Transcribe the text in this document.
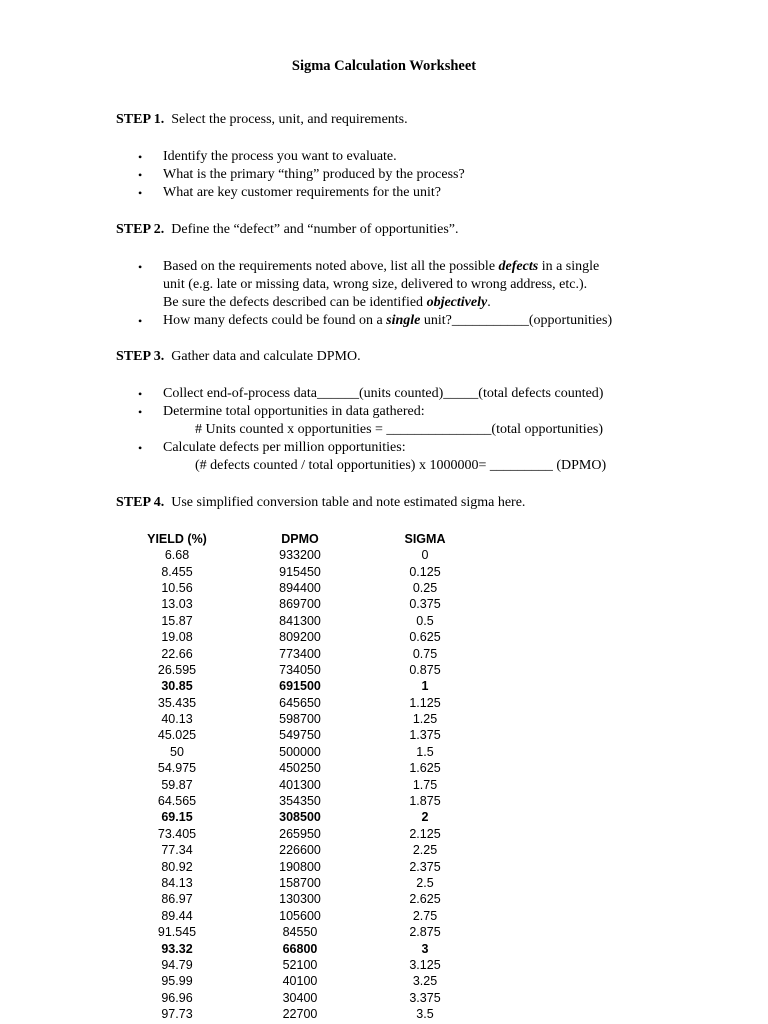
Sigma Calculation Worksheet
STEP 1. Select the process, unit, and requirements.
• Identify the process you want to evaluate.
• What is the primary “thing” produced by the process?
• What are key customer requirements for the unit?
STEP 2. Define the “defect” and “number of opportunities”.
• Based on the requirements noted above, list all the possible defects in a single
unit (e.g. late or missing data, wrong size, delivered to wrong address, etc.).
Be sure the defects described can be identified objectively.
• How many defects could be found on a single unit?___________(opportunities)
STEP 3. Gather data and calculate DPMO.
• Collect end-of-process data______(units counted)_____(total defects counted)
• Determine total opportunities in data gathered:
# Units counted x opportunities = _______________(total opportunities)
• Calculate defects per million opportunities:
(# defects counted / total opportunities) x 1000000= _________ (DPMO)
STEP 4. Use simplified conversion table and note estimated sigma here.
YIELD (%)	DPMO	SIGMA
6.68	933200	0
8.455	915450	0.125
10.56	894400	0.25
13.03	869700	0.375
15.87	841300	0.5
19.08	809200	0.625
22.66	773400	0.75
26.595	734050	0.875
30.85	691500	1
35.435	645650	1.125
40.13	598700	1.25
45.025	549750	1.375
50	500000	1.5
54.975	450250	1.625
59.87	401300	1.75
64.565	354350	1.875
69.15	308500	2
73.405	265950	2.125
77.34	226600	2.25
80.92	190800	2.375
84.13	158700	2.5
86.97	130300	2.625
89.44	105600	2.75
91.545	84550	2.875
93.32	66800	3
94.79	52100	3.125
95.99	40100	3.25
96.96	30400	3.375
97.73	22700	3.5
